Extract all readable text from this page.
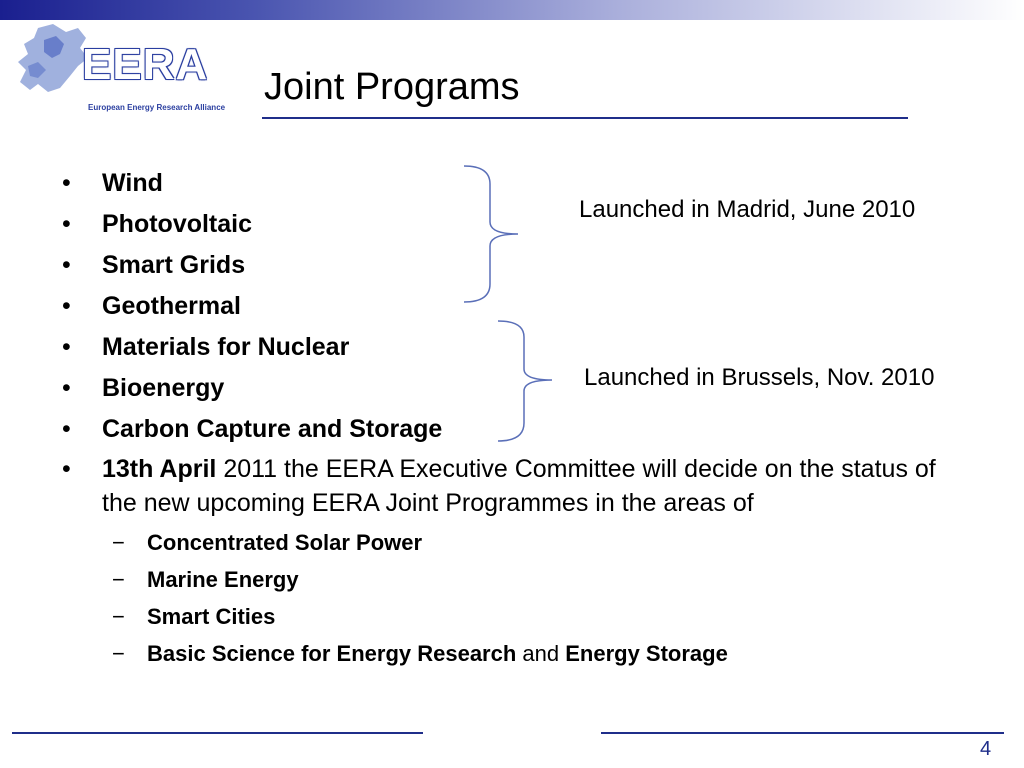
EERA
European Energy Research Alliance Joint Programs
• Wind
• Photovoltaic
• Smart Grids
• Geothermal
• Materials for Nuclear
• Bioenergy
• Carbon Capture and Storage
• 13th April 2011 the EERA Executive Committee will decide on the status of the new upcoming EERA Joint Programmes in the areas of
− Concentrated Solar Power
− Marine Energy
− Smart Cities
− Basic Science for Energy Research and Energy Storage
Launched in Madrid, June 2010
Launched in Brussels, Nov. 2010
4
